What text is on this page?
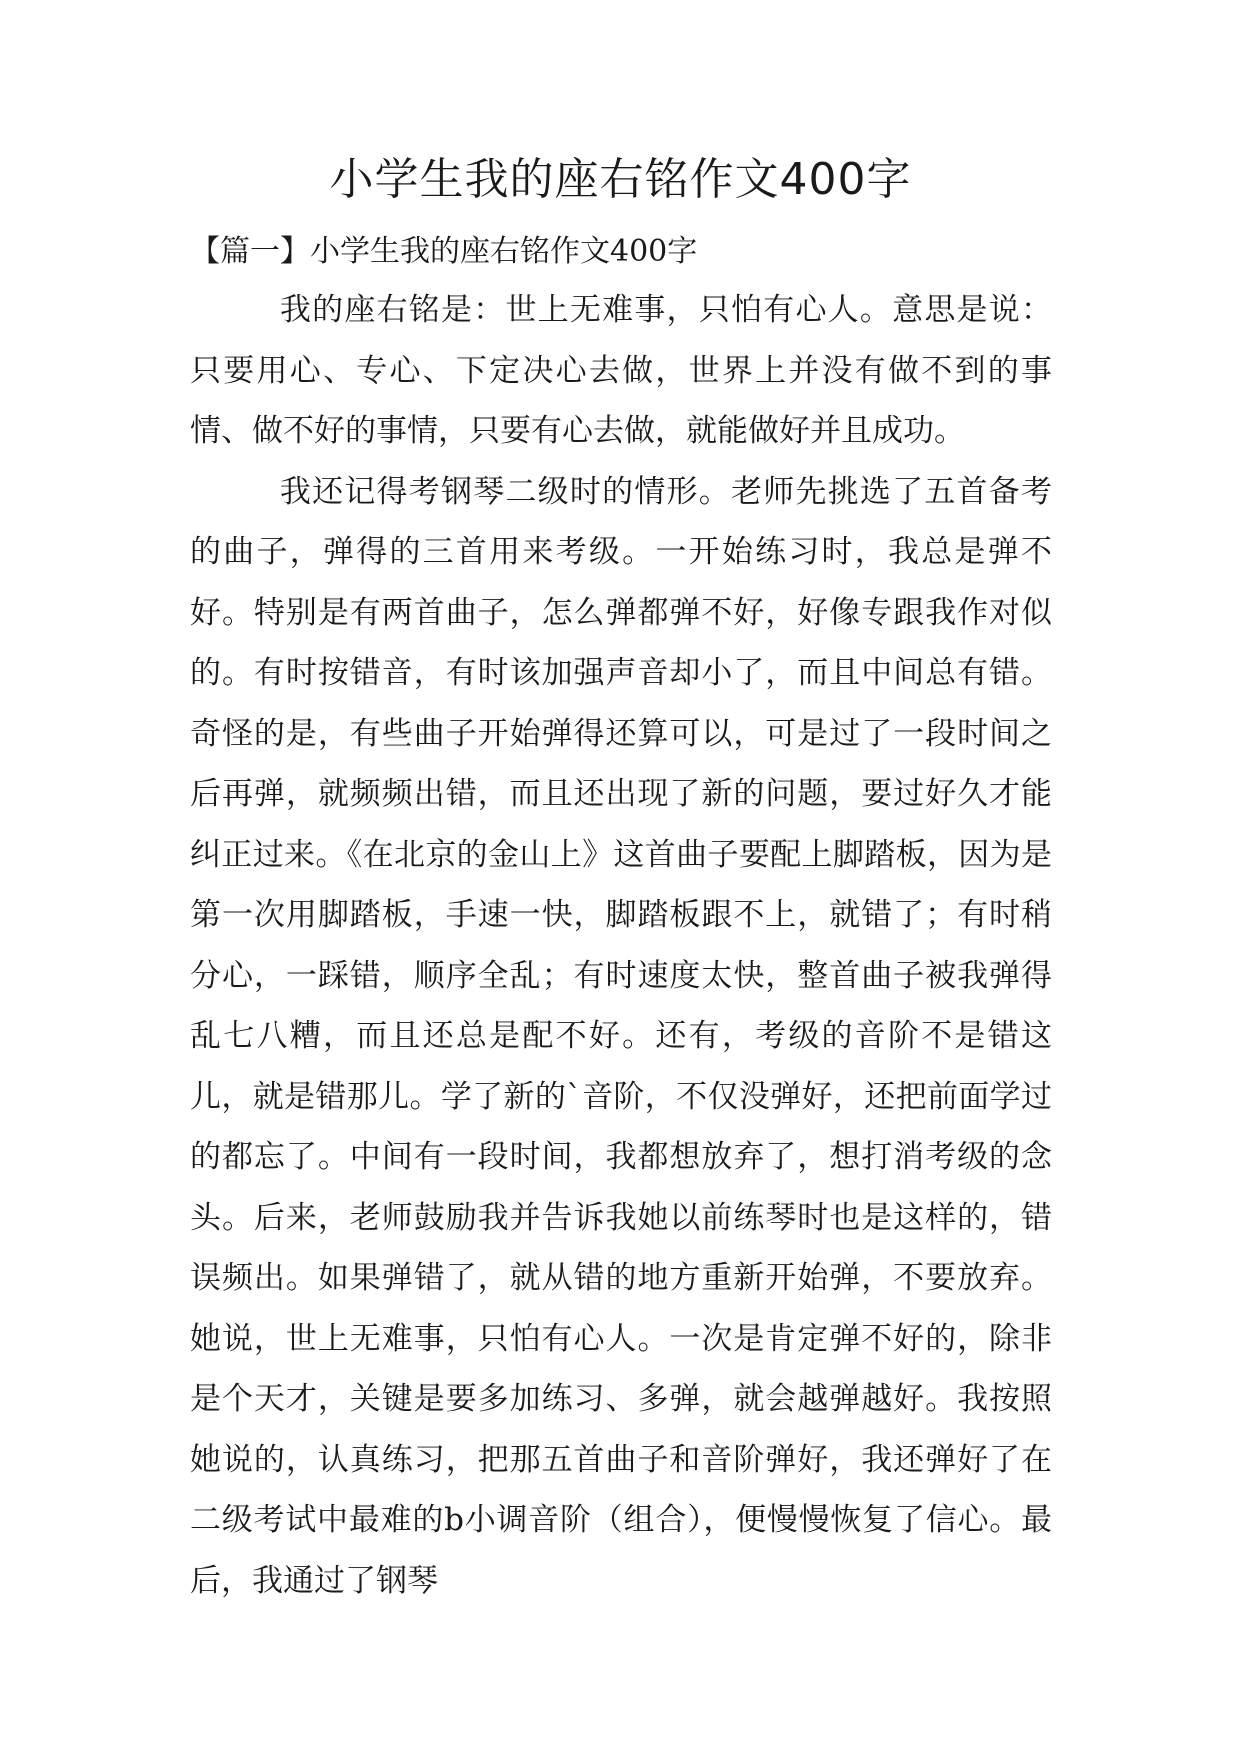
小学生我的座右铭作文400字
【篇一】小学生我的座右铭作文400字

我的座右铭是：世上无难事，只怕有心人。意思是说：只要用心、专心、下定决心去做，世界上并没有做不到的事情、做不好的事情，只要有心去做，就能做好并且成功。

我还记得考钢琴二级时的情形。老师先挑选了五首备考的曲子，弹得的三首用来考级。一开始练习时，我总是弹不好。特别是有两首曲子，怎么弹都弹不好，好像专跟我作对似的。有时按错音，有时该加强声音却小了，而且中间总有错。奇怪的是，有些曲子开始弹得还算可以，可是过了一段时间之后再弹，就频频出错，而且还出现了新的问题，要过好久才能纠正过来。《在北京的金山上》这首曲子要配上脚踏板，因为是第一次用脚踏板，手速一快，脚踏板跟不上，就错了；有时稍分心，一踩错，顺序全乱；有时速度太快，整首曲子被我弹得乱七八糟，而且还总是配不好。还有，考级的音阶不是错这儿，就是错那儿。学了新的`音阶，不仅没弹好，还把前面学过的都忘了。中间有一段时间，我都想放弃了，想打消考级的念头。后来，老师鼓励我并告诉我她以前练琴时也是这样的，错误频出。如果弹错了，就从错的地方重新开始弹，不要放弃。她说，世上无难事，只怕有心人。一次是肯定弹不好的，除非是个天才，关键是要多加练习、多弹，就会越弹越好。我按照她说的，认真练习，把那五首曲子和音阶弹好，我还弹好了在二级考试中最难的b小调音阶（组合），便慢慢恢复了信心。最后，我通过了钢琴
